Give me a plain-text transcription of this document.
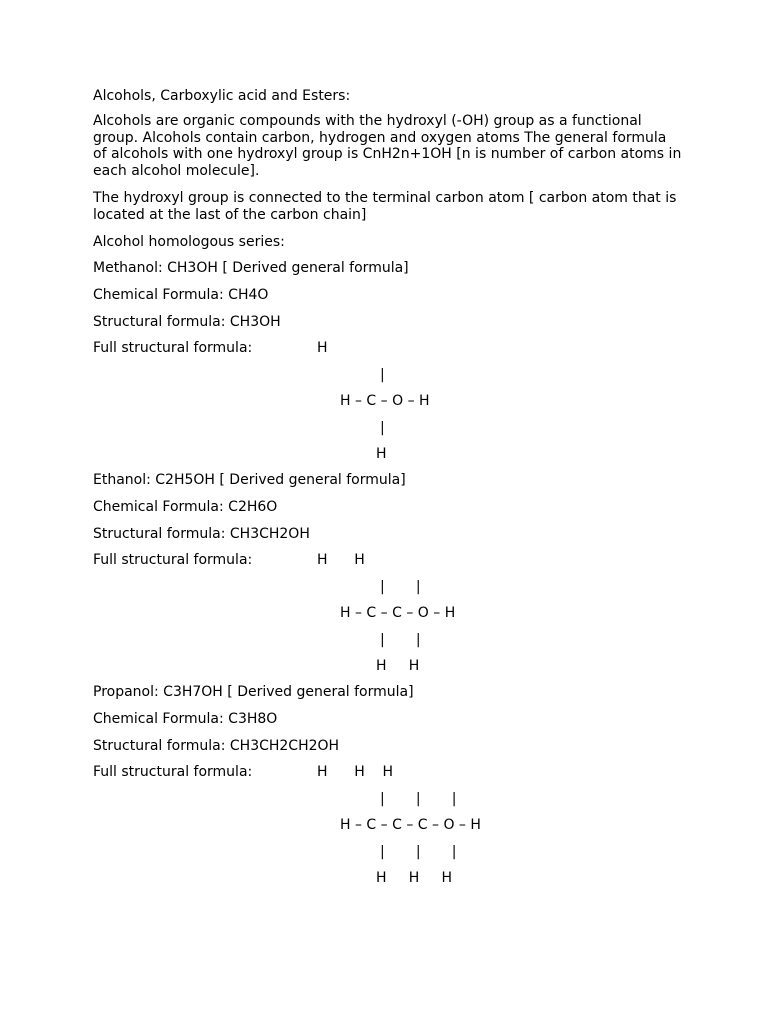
Alcohols, Carboxylic acid and Esters:
Alcohols are organic compounds with the hydroxyl (-OH) group as a functional group. Alcohols contain carbon, hydrogen and oxygen atoms The general formula of alcohols with one hydroxyl group is CnH2n+1OH [n is number of carbon atoms in each alcohol molecule].
The hydroxyl group is connected to the terminal carbon atom [ carbon atom that is located at the last of the carbon chain]
Alcohol homologous series:
Methanol: CH3OH [ Derived general formula]
Chemical Formula: CH4O
Structural formula: CH3OH
Full structural formula:	H
|
H – C – O – H
|
H
Ethanol: C2H5OH [ Derived general formula]
Chemical Formula: C2H6O
Structural formula: CH3CH2OH
Full structural formula:	H      H
|       |
H – C – C – O – H
|       |
H     H
Propanol: C3H7OH [ Derived general formula]
Chemical Formula: C3H8O
Structural formula: CH3CH2CH2OH
Full structural formula:	H      H    H
|       |       |
H – C – C – C – O – H
|       |       |
H     H     H
